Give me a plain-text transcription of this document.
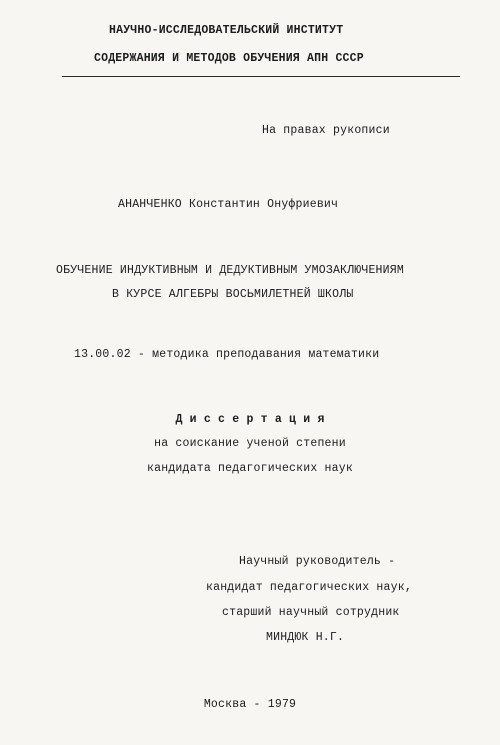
НАУЧНО-ИССЛЕДОВАТЕЛЬСКИЙ ИНСТИТУТ
СОДЕРЖАНИЯ И МЕТОДОВ ОБУЧЕНИЯ АПН СССР
На правах рукописи
АНАНЧЕНКО Константин Онуфриевич
ОБУЧЕНИЕ ИНДУКТИВНЫМ И ДЕДУКТИВНЫМ УМОЗАКЛЮЧЕНИЯМ
В КУРСЕ АЛГЕБРЫ ВОСЬМИЛЕТНЕЙ ШКОЛЫ
13.00.02 - методика преподавания математики
Д и с с е р т а ц и я
на соискание ученой степени
кандидата педагогических наук
Научный руководитель -
кандидат педагогических наук,
старший научный сотрудник
МИНДЮК Н.Г.
Москва - 1979
